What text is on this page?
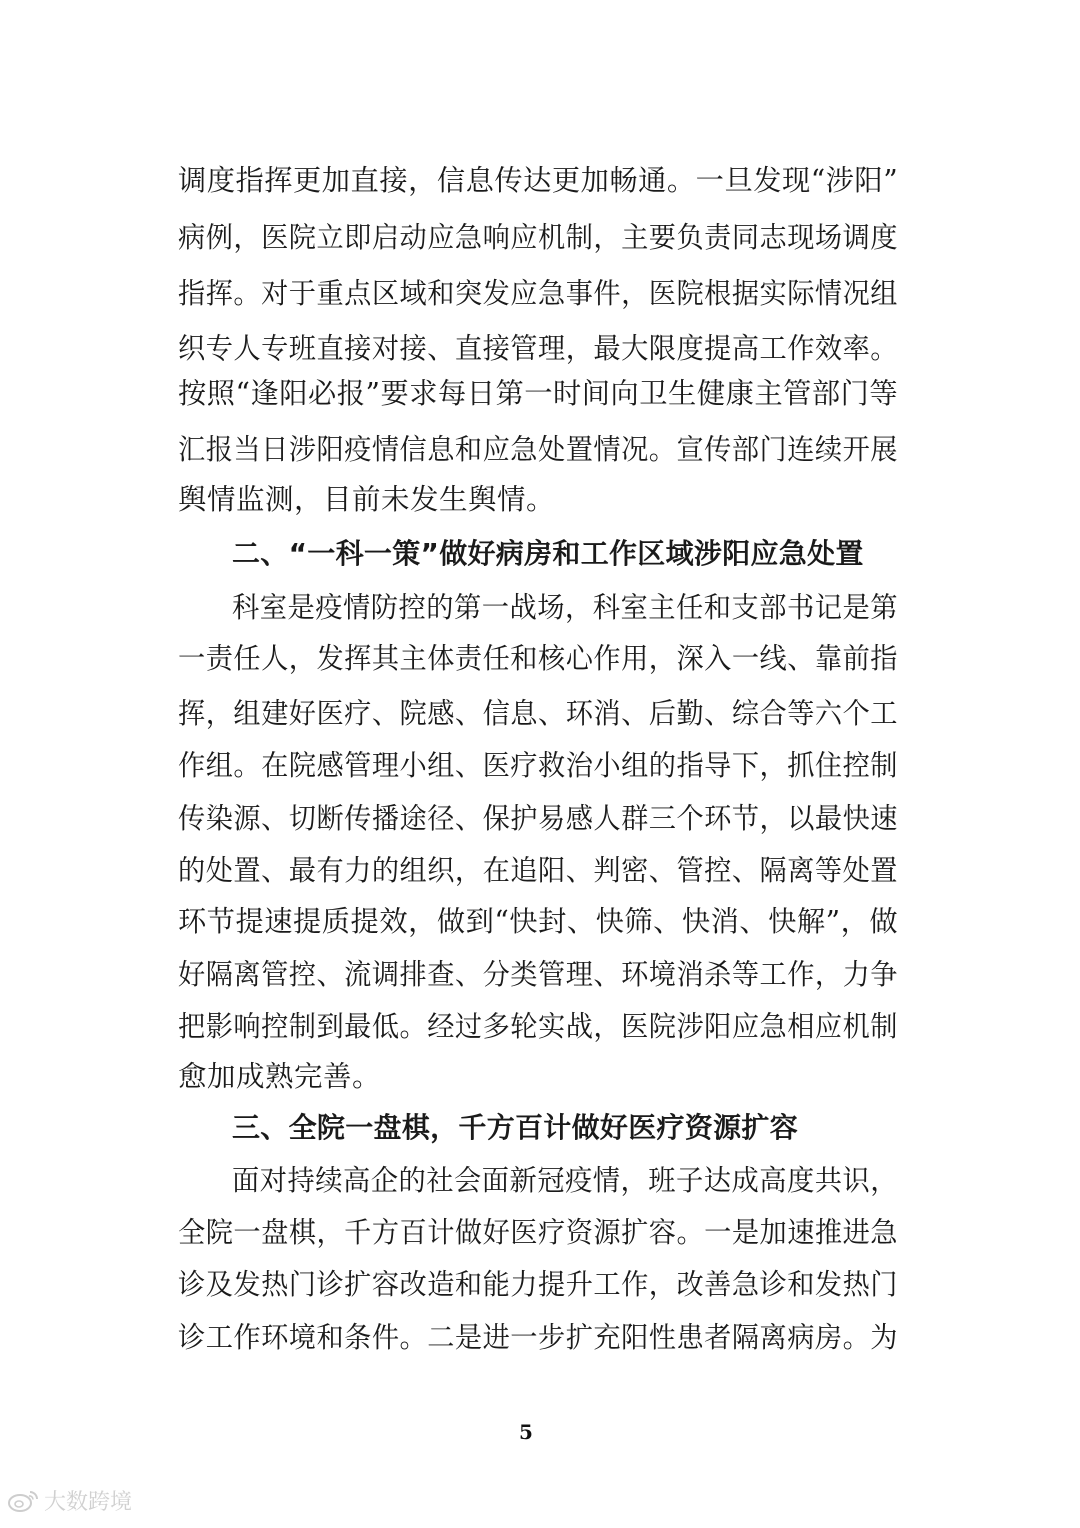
调度指挥更加直接，信息传达更加畅通。一旦发现“涉阳”
病例，医院立即启动应急响应机制，主要负责同志现场调度
指挥。对于重点区域和突发应急事件，医院根据实际情况组
织专人专班直接对接、直接管理，最大限度提高工作效率。
按照“逢阳必报”要求每日第一时间向卫生健康主管部门等
汇报当日涉阳疫情信息和应急处置情况。宣传部门连续开展
舆情监测，目前未发生舆情。
二、“一科一策”做好病房和工作区域涉阳应急处置
科室是疫情防控的第一战场，科室主任和支部书记是第
一责任人，发挥其主体责任和核心作用，深入一线、靠前指
挥，组建好医疗、院感、信息、环消、后勤、综合等六个工
作组。在院感管理小组、医疗救治小组的指导下，抓住控制
传染源、切断传播途径、保护易感人群三个环节，以最快速
的处置、最有力的组织，在追阳、判密、管控、隔离等处置
环节提速提质提效，做到“快封、快筛、快消、快解”，做
好隔离管控、流调排查、分类管理、环境消杀等工作，力争
把影响控制到最低。经过多轮实战，医院涉阳应急相应机制
愈加成熟完善。
三、全院一盘棋，千方百计做好医疗资源扩容
面对持续高企的社会面新冠疫情，班子达成高度共识，
全院一盘棋，千方百计做好医疗资源扩容。一是加速推进急
诊及发热门诊扩容改造和能力提升工作，改善急诊和发热门
诊工作环境和条件。二是进一步扩充阳性患者隔离病房。为
5
大数跨境
